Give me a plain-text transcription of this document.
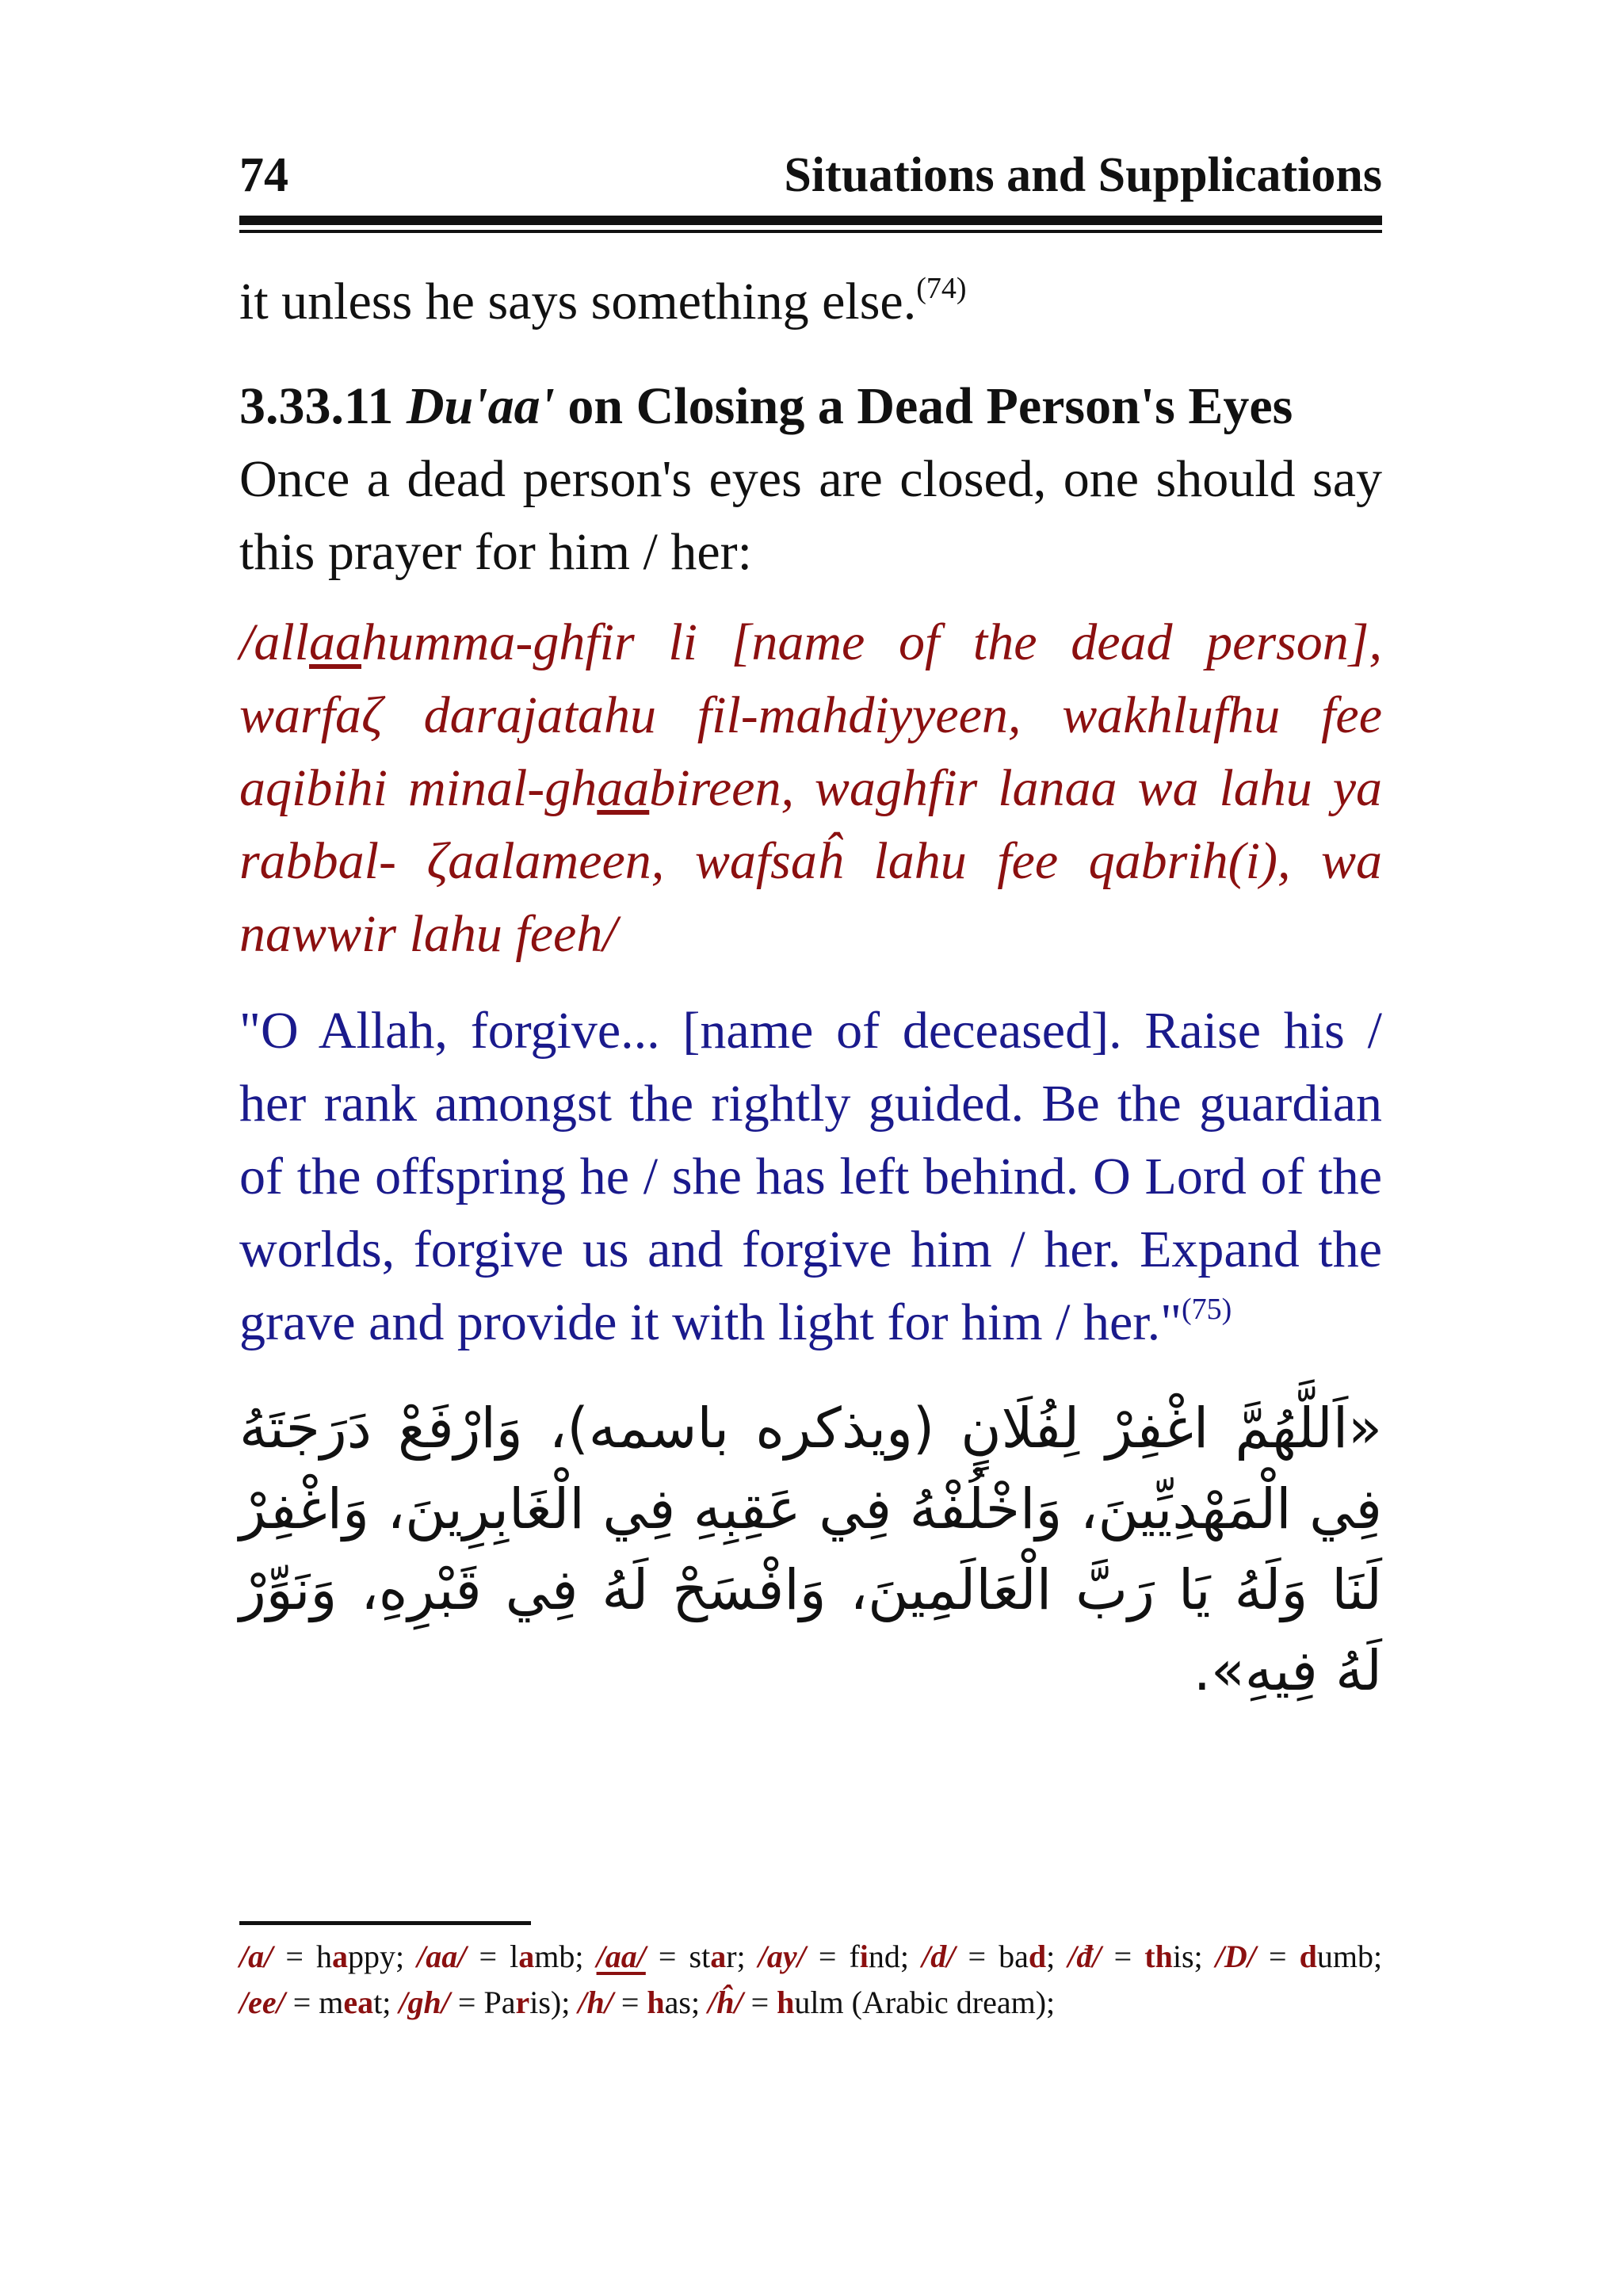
74	Situations and Supplications

it unless he says something else.$^{(74)}$

3.33.11 Du'aa' on Closing a Dead Person's Eyes

Once a dead person's eyes are closed, one should say this prayer for him / her:

/allaahumma-ghfir li [name of the dead person], warfaζ darajatahu fil-mahdiyyeen, wakhlufhu fee aqibihi minal-ghaabireen, waghfir lanaa wa lahu ya rabbal- ζaalameen, wafsaĥ lahu fee qabrih(i), wa nawwir lahu feeh/

"O Allah, forgive... [name of deceased]. Raise his / her rank amongst the rightly guided. Be the guardian of the offspring he / she has left behind. O Lord of the worlds, forgive us and forgive him / her. Expand the grave and provide it with light for him / her."$^{(75)}$

«اَللَّهُمَّ اغْفِرْ لِفُلَانٍ (ويذكره باسمه)، وَارْفَعْ دَرَجَتَهُ فِي الْمَهْدِيِّينَ، وَاخْلُفْهُ فِي عَقِبِهِ فِي الْغَابِرِينَ، وَاغْفِرْ لَنَا وَلَهُ يَا رَبَّ الْعَالَمِينَ، وَافْسَحْ لَهُ فِي قَبْرِهِ، وَنَوِّرْ لَهُ فِيهِ».

/a/ = happy; /aa/ = lamb; /aa/ = star; /ay/ = find; /d/ = bad; /đ/ = this; /D/ = dumb; /ee/ = meat; /gh/ = Paris); /h/ = has; /ĥ/ = hulm (Arabic dream);
